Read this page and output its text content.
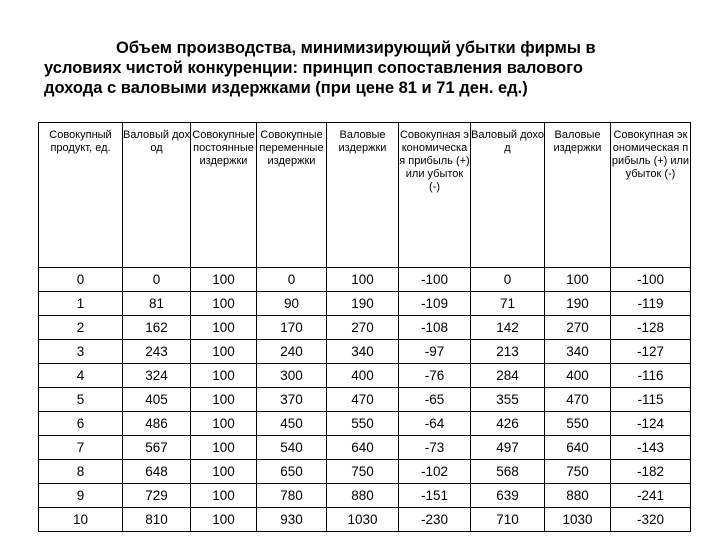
Объем производства, минимизирующий убытки фирмы в
условиях чистой конкуренции: принцип сопоставления валового
дохода с валовыми издержками (при цене 81 и 71 ден. ед.)
Совокупный продукт, ед.	Валовый доход	Совокупные постоянные издержки	Совокупные переменные издержки	Валовые издержки	Совокупная экономическая прибыль (+) или убыток (-)	Валовый доход	Валовые издержки	Совокупная экономическая прибыль (+) или убыток (-)
0	0	100	0	100	-100	0	100	-100
1	81	100	90	190	-109	71	190	-119
2	162	100	170	270	-108	142	270	-128
3	243	100	240	340	-97	213	340	-127
4	324	100	300	400	-76	284	400	-116
5	405	100	370	470	-65	355	470	-115
6	486	100	450	550	-64	426	550	-124
7	567	100	540	640	-73	497	640	-143
8	648	100	650	750	-102	568	750	-182
9	729	100	780	880	-151	639	880	-241
10	810	100	930	1030	-230	710	1030	-320
